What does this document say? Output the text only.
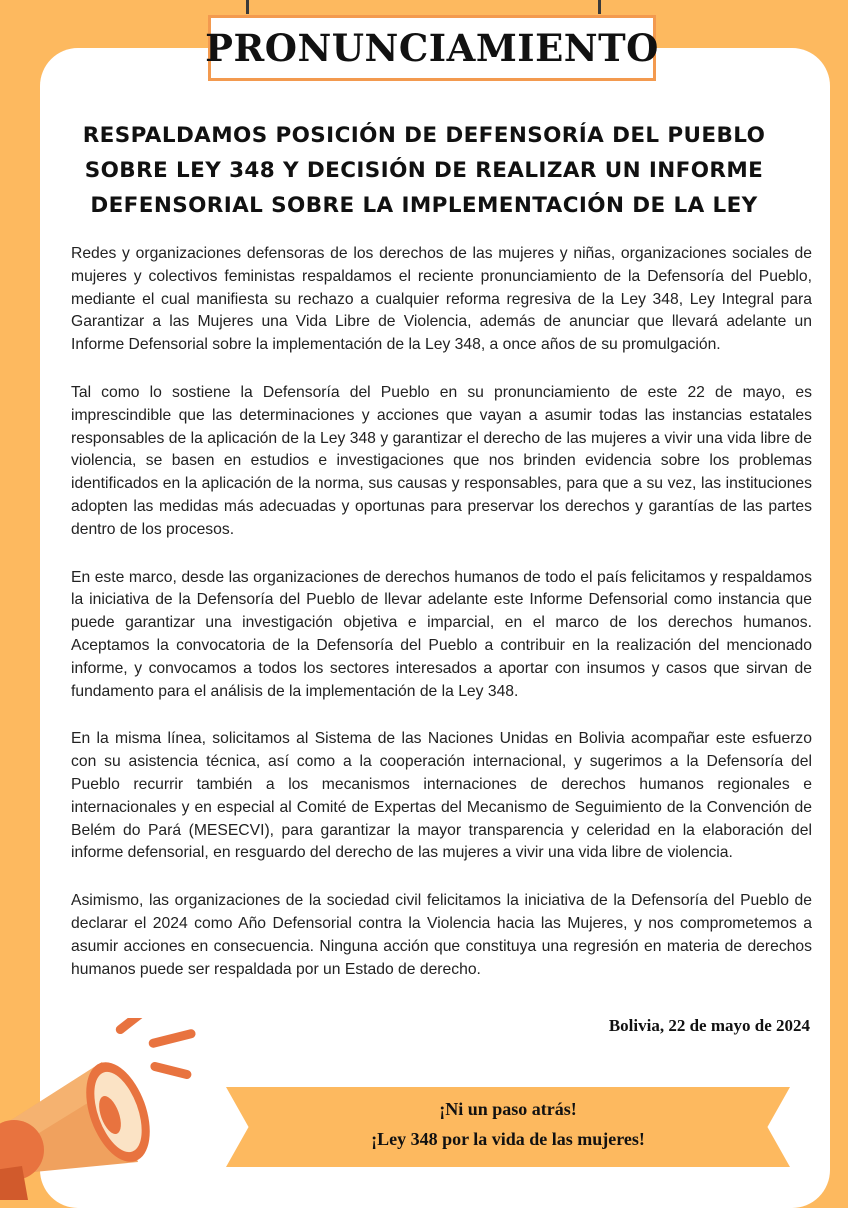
PRONUNCIAMIENTO
RESPALDAMOS POSICIÓN DE DEFENSORÍA DEL PUEBLO
SOBRE LEY 348 Y DECISIÓN DE REALIZAR UN INFORME
DEFENSORIAL SOBRE LA IMPLEMENTACIÓN DE LA LEY

Redes y organizaciones defensoras de los derechos de las mujeres y niñas, organizaciones sociales de mujeres y colectivos feministas respaldamos el reciente pronunciamiento de la Defensoría del Pueblo, mediante el cual manifiesta su rechazo a cualquier reforma regresiva de la Ley 348, Ley Integral para Garantizar a las Mujeres una Vida Libre de Violencia, además de anunciar que llevará adelante un Informe Defensorial sobre la implementación de la Ley 348, a once años de su promulgación.

Tal como lo sostiene la Defensoría del Pueblo en su pronunciamiento de este 22 de mayo, es imprescindible que las determinaciones y acciones que vayan a asumir todas las instancias estatales responsables de la aplicación de la Ley 348 y garantizar el derecho de las mujeres a vivir una vida libre de violencia, se basen en estudios e investigaciones que nos brinden evidencia sobre los problemas identificados en la aplicación de la norma, sus causas y responsables, para que a su vez, las instituciones adopten las medidas más adecuadas y oportunas para preservar los derechos y garantías de las partes dentro de los procesos.

En este marco, desde las organizaciones de derechos humanos de todo el país felicitamos y respaldamos la iniciativa de la Defensoría del Pueblo de llevar adelante este Informe Defensorial como instancia que puede garantizar una investigación objetiva e imparcial, en el marco de los derechos humanos. Aceptamos la convocatoria de la Defensoría del Pueblo a contribuir en la realización del mencionado informe, y convocamos a todos los sectores interesados a aportar con insumos y casos que sirvan de fundamento para el análisis de la implementación de la Ley 348.

En la misma línea, solicitamos al Sistema de las Naciones Unidas en Bolivia acompañar este esfuerzo con su asistencia técnica, así como a la cooperación internacional, y sugerimos a la Defensoría del Pueblo recurrir también a los mecanismos internaciones de derechos humanos regionales e internacionales y en especial al Comité de Expertas del Mecanismo de Seguimiento de la Convención de Belém do Pará (MESECVI), para garantizar la mayor transparencia y celeridad en la elaboración del informe defensorial, en resguardo del derecho de las mujeres a vivir una vida libre de violencia.

Asimismo, las organizaciones de la sociedad civil felicitamos la iniciativa de la Defensoría del Pueblo de declarar el 2024 como Año Defensorial contra la Violencia hacia las Mujeres, y nos comprometemos a asumir acciones en consecuencia. Ninguna acción que constituya una regresión en materia de derechos humanos puede ser respaldada por un Estado de derecho.

Bolivia, 22 de mayo de 2024
¡Ni un paso atrás!
¡Ley 348 por la vida de las mujeres!
